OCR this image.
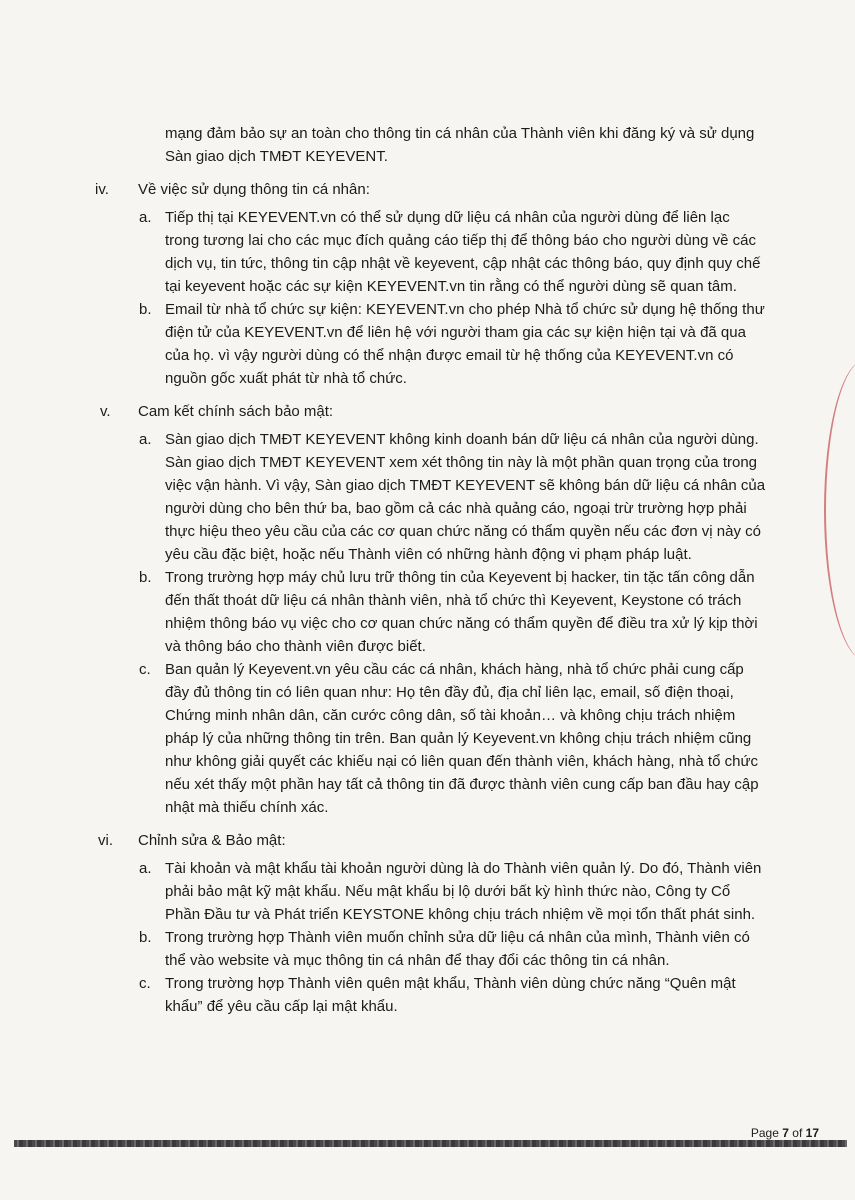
mạng đảm bảo sự an toàn cho thông tin cá nhân của Thành viên khi đăng ký và sử dụng
Sàn giao dịch TMĐT KEYEVENT.
iv. Về việc sử dụng thông tin cá nhân:
a. Tiếp thị tại KEYEVENT.vn có thể sử dụng dữ liệu cá nhân của người dùng để liên lạc
trong tương lai cho các mục đích quảng cáo tiếp thị để thông báo cho người dùng về các
dịch vụ, tin tức, thông tin cập nhật về keyevent, cập nhật các thông báo, quy định quy chế
tại keyevent hoặc các sự kiện KEYEVENT.vn tin rằng có thể người dùng sẽ quan tâm.
b. Email từ nhà tổ chức sự kiện: KEYEVENT.vn cho phép Nhà tổ chức sử dụng hệ thống thư
điện tử của KEYEVENT.vn để liên hệ với người tham gia các sự kiện hiện tại và đã qua
của họ. vì vậy người dùng có thể nhận được email từ hệ thống của KEYEVENT.vn có
nguồn gốc xuất phát từ nhà tổ chức.
v. Cam kết chính sách bảo mật:
a. Sàn giao dịch TMĐT KEYEVENT không kinh doanh bán dữ liệu cá nhân của người dùng.
Sàn giao dịch TMĐT KEYEVENT xem xét thông tin này là một phần quan trọng của trong
việc vận hành. Vì vậy, Sàn giao dịch TMĐT KEYEVENT sẽ không bán dữ liệu cá nhân của
người dùng cho bên thứ ba, bao gồm cả các nhà quảng cáo, ngoại trừ trường hợp phải
thực hiệu theo yêu cầu của các cơ quan chức năng có thẩm quyền nếu các đơn vị này có
yêu cầu đặc biệt, hoặc nếu Thành viên có những hành động vi phạm pháp luật.
b. Trong trường hợp máy chủ lưu trữ thông tin của Keyevent bị hacker, tin tặc tấn công dẫn
đến thất thoát dữ liệu cá nhân thành viên, nhà tổ chức thì Keyevent, Keystone có trách
nhiệm thông báo vụ việc cho cơ quan chức năng có thẩm quyền để điều tra xử lý kịp thời
và thông báo cho thành viên được biết.
c. Ban quản lý Keyevent.vn yêu cầu các cá nhân, khách hàng, nhà tổ chức phải cung cấp
đầy đủ thông tin có liên quan như: Họ tên đầy đủ, địa chỉ liên lạc, email, số điện thoại,
Chứng minh nhân dân, căn cước công dân, số tài khoản… và không chịu trách nhiệm
pháp lý của những thông tin trên. Ban quản lý Keyevent.vn không chịu trách nhiệm cũng
như không giải quyết các khiếu nại có liên quan đến thành viên, khách hàng, nhà tổ chức
nếu xét thấy một phần hay tất cả thông tin đã được thành viên cung cấp ban đầu hay cập
nhật mà thiếu chính xác.
vi. Chỉnh sửa & Bảo mật:
a. Tài khoản và mật khẩu tài khoản người dùng là do Thành viên quản lý. Do đó, Thành viên
phải bảo mật kỹ mật khẩu. Nếu mật khẩu bị lộ dưới bất kỳ hình thức nào, Công ty Cổ
Phần Đầu tư và Phát triển KEYSTONE không chịu trách nhiệm về mọi tổn thất phát sinh.
b. Trong trường hợp Thành viên muốn chỉnh sửa dữ liệu cá nhân của mình, Thành viên có
thể vào website và mục thông tin cá nhân để thay đổi các thông tin cá nhân.
c. Trong trường hợp Thành viên quên mật khẩu, Thành viên dùng chức năng “Quên mật
khẩu” để yêu cầu cấp lại mật khẩu.
Page 7 of 17
